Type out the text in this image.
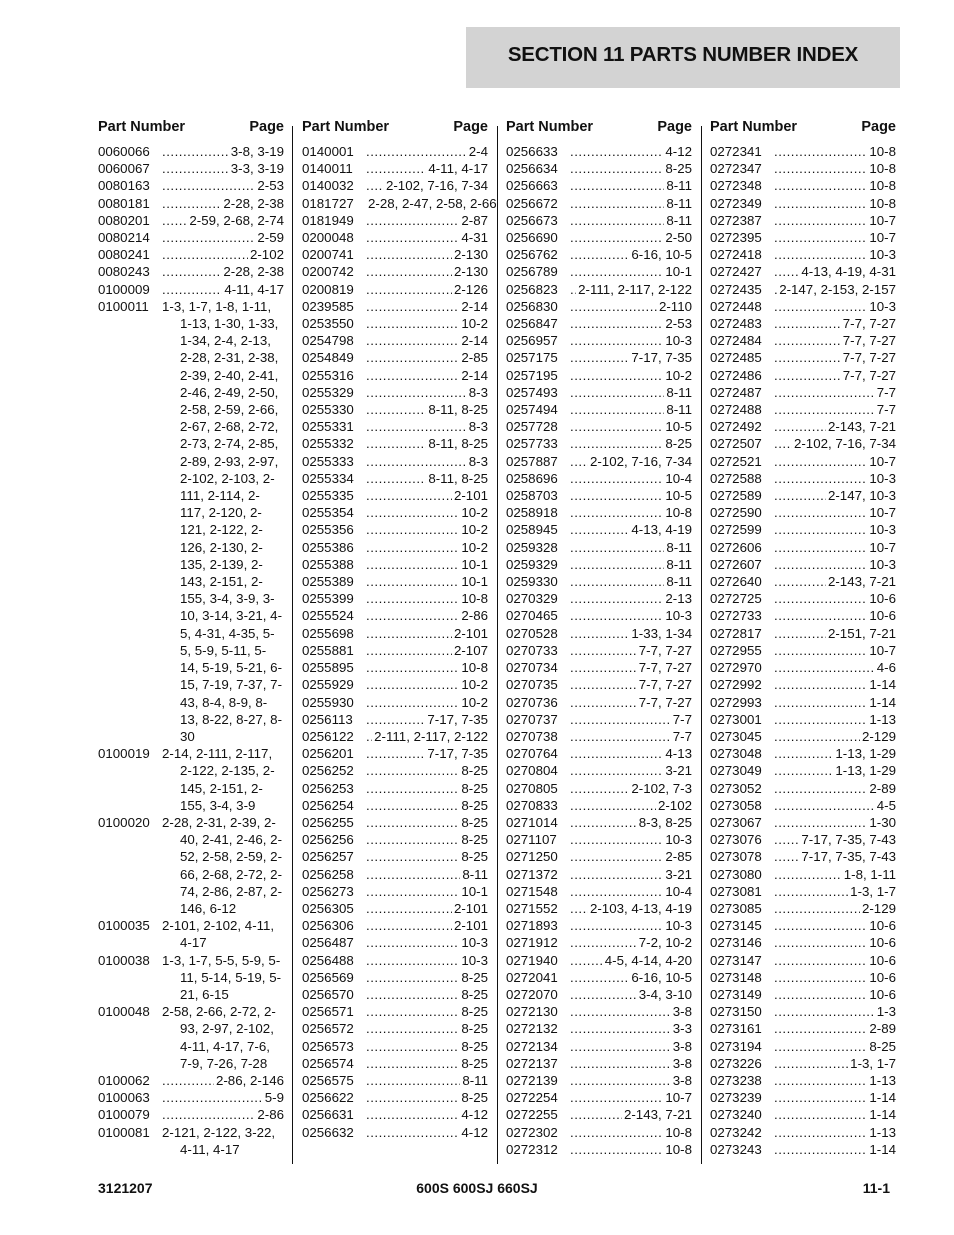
SECTION 11 PARTS NUMBER INDEX
Part Number	Page
0060066 .....	3-8, 3-19
0060067 .....	3-3, 3-19
0080163 .....	2-53
0080181 .....	2-28, 2-38
0080201 .....	2-59, 2-68, 2-74
0080214 .....	2-59
0080241 .....	2-102
0080243 .....	2-28, 2-38
0100009 .....	4-11, 4-17
0100011 1-3, 1-7, 1-8, 1-11, 1-13, 1-30, 1-33, 1-34, 2-4, 2-13, 2-28, 2-31, 2-38, 2-39, 2-40, 2-41, 2-46, 2-49, 2-50, 2-58, 2-59, 2-66, 2-67, 2-68, 2-72, 2-73, 2-74, 2-85, 2-89, 2-93, 2-97, 2-102, 2-103, 2-111, 2-114, 2-117, 2-120, 2-121, 2-122, 2-126, 2-130, 2-135, 2-139, 2-143, 2-151, 2-155, 3-4, 3-9, 3-10, 3-14, 3-21, 4-5, 4-31, 4-35, 5-5, 5-9, 5-11, 5-14, 5-19, 5-21, 6-15, 7-19, 7-37, 7-43, 8-4, 8-9, 8-13, 8-22, 8-27, 8-30
0100019 2-14, 2-111, 2-117, 2-122, 2-135, 2-145, 2-151, 2-155, 3-4, 3-9
0100020 2-28, 2-31, 2-39, 2-40, 2-41, 2-46, 2-52, 2-58, 2-59, 2-66, 2-68, 2-72, 2-74, 2-86, 2-87, 2-146, 6-12
0100035 2-101, 2-102, 4-11, 4-17
0100038 1-3, 1-7, 5-5, 5-9, 5-11, 5-14, 5-19, 5-21, 6-15
0100048 2-58, 2-66, 2-72, 2-93, 2-97, 2-102, 4-11, 4-17, 7-6, 7-9, 7-26, 7-28
0100062 .....	2-86, 2-146
0100063 .....	5-9
0100079 .....	2-86
0100081 2-121, 2-122, 3-22, 4-11, 4-17
Part Number	Page
0140001 .....	2-4
0140011 .....	4-11, 4-17
0140032 .....	2-102, 7-16, 7-34
0181727	2-28, 2-47, 2-58, 2-66
0181949 .....	2-87
0200048 .....	4-31
0200741 .....	2-130
0200742 .....	2-130
0200819 .....	2-126
0239585 .....	2-14
0253550 .....	10-2
0254798 .....	2-14
0254849 .....	2-85
0255316 .....	2-14
0255329 .....	8-3
0255330 .....	8-11, 8-25
0255331 .....	8-3
0255332 .....	8-11, 8-25
0255333 .....	8-3
0255334 .....	8-11, 8-25
0255335 .....	2-101
0255354 .....	10-2
0255356 .....	10-2
0255386 .....	10-2
0255388 .....	10-1
0255389 .....	10-1
0255399 .....	10-8
0255524 .....	2-86
0255698 .....	2-101
0255881 .....	2-107
0255895 .....	10-8
0255929 .....	10-2
0255930 .....	10-2
0256113 .....	7-17, 7-35
0256122 .....	2-111, 2-117, 2-122
0256201 .....	7-17, 7-35
0256252 .....	8-25
0256253 .....	8-25
0256254 .....	8-25
0256255 .....	8-25
0256256 .....	8-25
0256257 .....	8-25
0256258 .....	8-11
0256273 .....	10-1
0256305 .....	2-101
0256306 .....	2-101
0256487 .....	10-3
0256488 .....	10-3
0256569 .....	8-25
0256570 .....	8-25
0256571 .....	8-25
0256572 .....	8-25
0256573 .....	8-25
0256574 .....	8-25
0256575 .....	8-11
0256622 .....	8-25
0256631 .....	4-12
0256632 .....	4-12
Part Number	Page
0256633 .....	4-12
0256634 .....	8-25
0256663 .....	8-11
0256672 .....	8-11
0256673 .....	8-11
0256690 .....	2-50
0256762 .....	6-16, 10-5
0256789 .....	10-1
0256823 .....	2-111, 2-117, 2-122
0256830 .....	2-110
0256847 .....	2-53
0256957 .....	10-3
0257175 .....	7-17, 7-35
0257195 .....	10-2
0257493 .....	8-11
0257494 .....	8-11
0257728 .....	10-5
0257733 .....	8-25
0257887 .....	2-102, 7-16, 7-34
0258696 .....	10-4
0258703 .....	10-5
0258918 .....	10-8
0258945 .....	4-13, 4-19
0259328 .....	8-11
0259329 .....	8-11
0259330 .....	8-11
0270329 .....	2-13
0270465 .....	10-3
0270528 .....	1-33, 1-34
0270733 .....	7-7, 7-27
0270734 .....	7-7, 7-27
0270735 .....	7-7, 7-27
0270736 .....	7-7, 7-27
0270737 .....	7-7
0270738 .....	7-7
0270764 .....	4-13
0270804 .....	3-21
0270805 .....	2-102, 7-3
0270833 .....	2-102
0271014 .....	8-3, 8-25
0271107 .....	10-3
0271250 .....	2-85
0271372 .....	3-21
0271548 .....	10-4
0271552 .....	2-103, 4-13, 4-19
0271893 .....	10-3
0271912 .....	7-2, 10-2
0271940 .....	4-5, 4-14, 4-20
0272041 .....	6-16, 10-5
0272070 .....	3-4, 3-10
0272130 .....	3-8
0272132 .....	3-3
0272134 .....	3-8
0272137 .....	3-8
0272139 .....	3-8
0272254 .....	10-7
0272255 .....	2-143, 7-21
0272302 .....	10-8
0272312 .....	10-8
Part Number	Page
0272341 .....	10-8
0272347 .....	10-8
0272348 .....	10-8
0272349 .....	10-8
0272387 .....	10-7
0272395 .....	10-7
0272418 .....	10-3
0272427 .....	4-13, 4-19, 4-31
0272435 .....	2-147, 2-153, 2-157
0272448 .....	10-3
0272483 .....	7-7, 7-27
0272484 .....	7-7, 7-27
0272485 .....	7-7, 7-27
0272486 .....	7-7, 7-27
0272487 .....	7-7
0272488 .....	7-7
0272492 .....	2-143, 7-21
0272507 .....	2-102, 7-16, 7-34
0272521 .....	10-7
0272588 .....	10-3
0272589 .....	2-147, 10-3
0272590 .....	10-7
0272599 .....	10-3
0272606 .....	10-7
0272607 .....	10-3
0272640 .....	2-143, 7-21
0272725 .....	10-6
0272733 .....	10-6
0272817 .....	2-151, 7-21
0272955 .....	10-7
0272970 .....	4-6
0272992 .....	1-14
0272993 .....	1-14
0273001 .....	1-13
0273045 .....	2-129
0273048 .....	1-13, 1-29
0273049 .....	1-13, 1-29
0273052 .....	2-89
0273058 .....	4-5
0273067 .....	1-30
0273076 .....	7-17, 7-35, 7-43
0273078 .....	7-17, 7-35, 7-43
0273080 .....	1-8, 1-11
0273081 .....	1-3, 1-7
0273085 .....	2-129
0273145 .....	10-6
0273146 .....	10-6
0273147 .....	10-6
0273148 .....	10-6
0273149 .....	10-6
0273150 .....	1-3
0273161 .....	2-89
0273194 .....	8-25
0273226 .....	1-3, 1-7
0273238 .....	1-13
0273239 .....	1-14
0273240 .....	1-14
0273242 .....	1-13
0273243 .....	1-14
3121207	600S 600SJ 660SJ	11-1
